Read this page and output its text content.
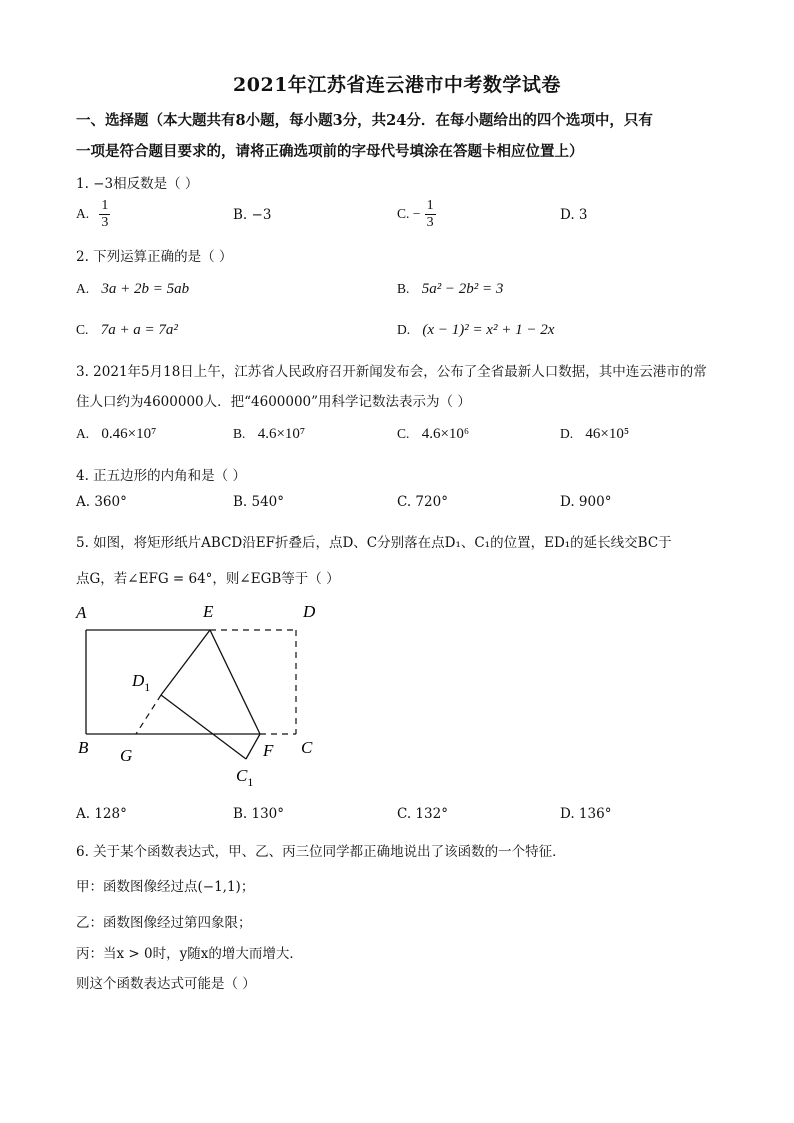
2021年江苏省连云港市中考数学试卷
一、选择题（本大题共有8小题，每小题3分，共24分．在每小题给出的四个选项中，只有
一项是符合题目要求的，请将正确选项前的字母代号填涂在答题卡相应位置上）
1. −3相反数是（ ）
A. $\frac{1}{3}$	B. −3	C. − $\frac{1}{3}$	D. 3
2. 下列运算正确的是（ ）
A. 3a + 2b = 5ab	B. 5a² − 2b² = 3
C. 7a + a = 7a²	D. (x − 1)² = x² + 1 − 2x
3. 2021年5月18日上午，江苏省人民政府召开新闻发布会，公布了全省最新人口数据，其中连云港市的常
住人口约为4600000人．把“4600000”用科学记数法表示为（ ）
A. 0.46×10⁷	B. 4.6×10⁷	C. 4.6×10⁶	D. 46×10⁵
4. 正五边形的内角和是（ ）
A. 360°	B. 540°	C. 720°	D. 900°
5. 如图，将矩形纸片ABCD沿EF折叠后，点D、C分别落在点D₁、C₁的位置，ED₁的延长线交BC于
点G，若∠EFG = 64°，则∠EGB等于（ ）
A	E	D
$D_1$
B G	F C
$C_1$
A. 128°	B. 130°	C. 132°	D. 136°
6. 关于某个函数表达式，甲、乙、丙三位同学都正确地说出了该函数的一个特征．
甲：函数图像经过点(−1,1)；
乙：函数图像经过第四象限；
丙：当x > 0时，y随x的增大而增大．
则这个函数表达式可能是（ ）
